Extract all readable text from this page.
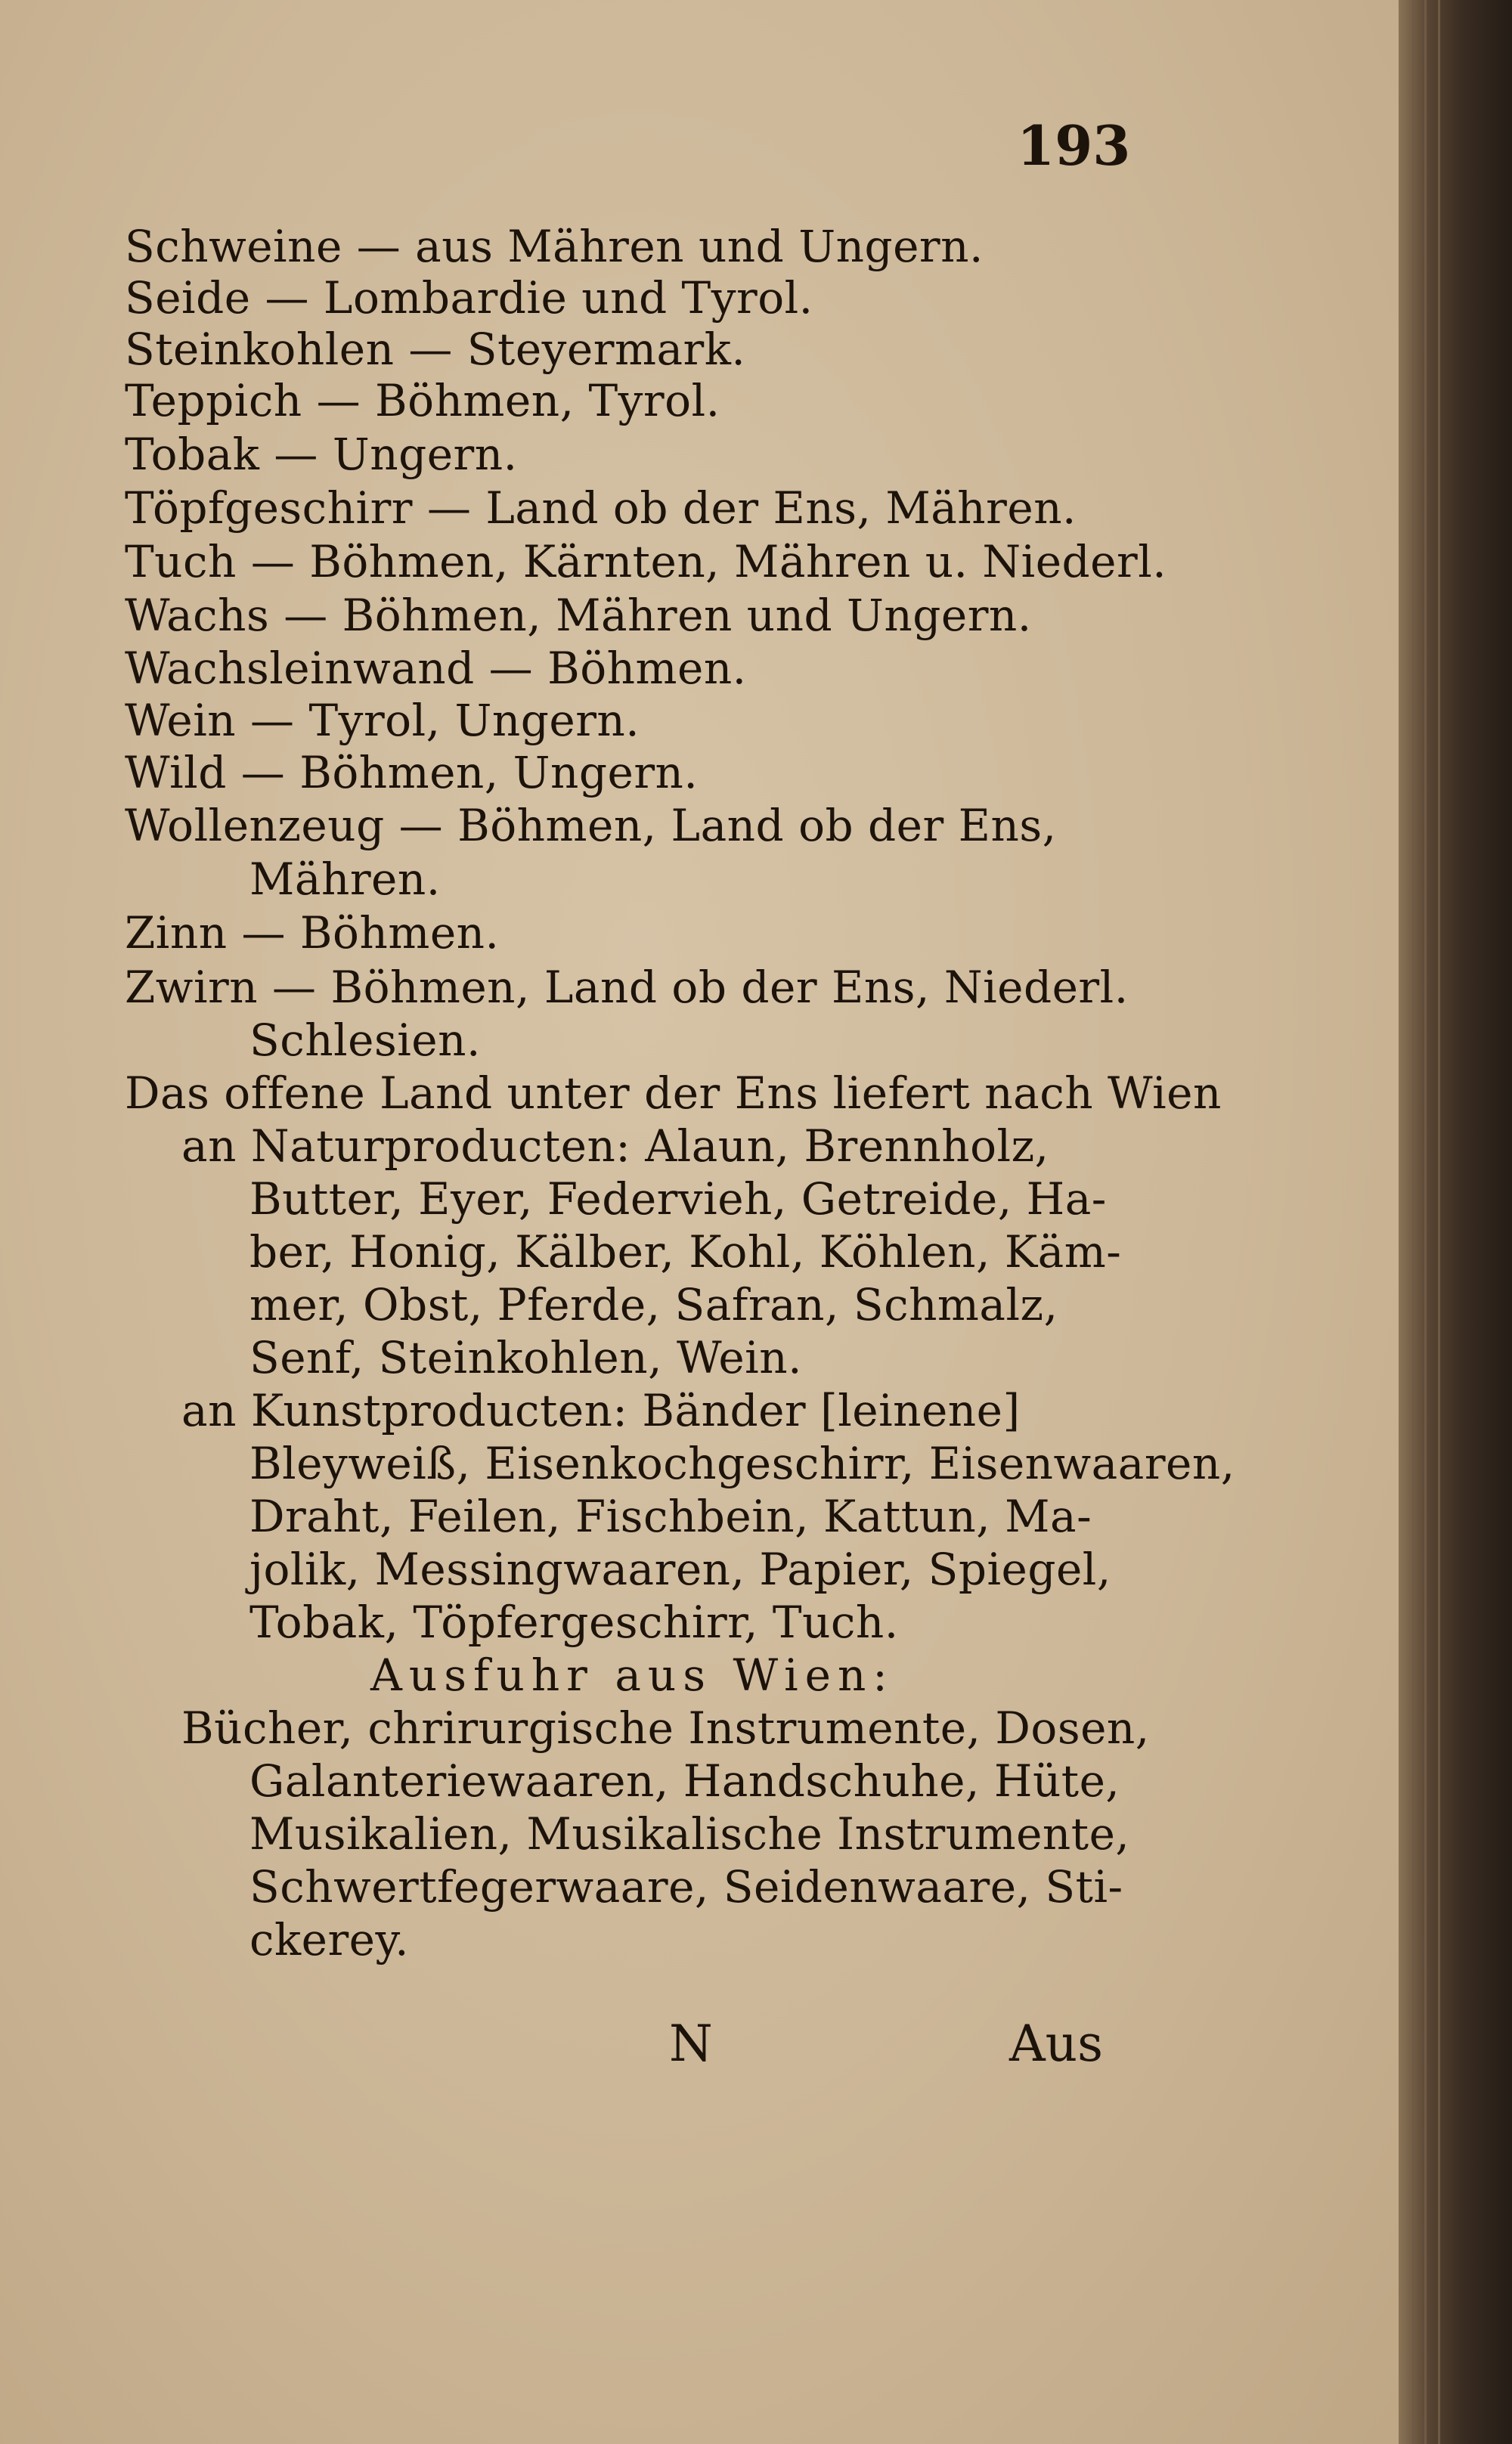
193
Schweine — aus Mähren und Ungern.
Seide — Lombardie und Tyrol.
Steinkohlen — Steyermark.
Teppich — Böhmen, Tyrol.
Tobak — Ungern.
Töpfgeschirr — Land ob der Ens, Mähren.
Tuch — Böhmen, Kärnten, Mähren u. Niederl.
Wachs — Böhmen, Mähren und Ungern.
Wachsleinwand — Böhmen.
Wein — Tyrol, Ungern.
Wild — Böhmen, Ungern.
Wollenzeug — Böhmen, Land ob der Ens,
Mähren.
Zinn — Böhmen.
Zwirn — Böhmen, Land ob der Ens, Niederl.
Schlesien.
Das offene Land unter der Ens liefert nach Wien
an Naturproducten: Alaun, Brennholz,
Butter, Eyer, Federvieh, Getreide, Ha-
ber, Honig, Kälber, Kohl, Köhlen, Käm-
mer, Obst, Pferde, Safran, Schmalz,
Senf, Steinkohlen, Wein.
an Kunstproducten: Bänder [leinene]
Bleyweiß, Eisenkochgeschirr, Eisenwaaren,
Draht, Feilen, Fischbein, Kattun, Ma-
jolik, Messingwaaren, Papier, Spiegel,
Tobak, Töpfergeschirr, Tuch.
Ausfuhr aus Wien:
Bücher, chrirurgische Instrumente, Dosen,
Galanteriewaaren, Handschuhe, Hüte,
Musikalien, Musikalische Instrumente,
Schwertfegerwaare, Seidenwaare, Sti-
ckerey.
N	Aus
